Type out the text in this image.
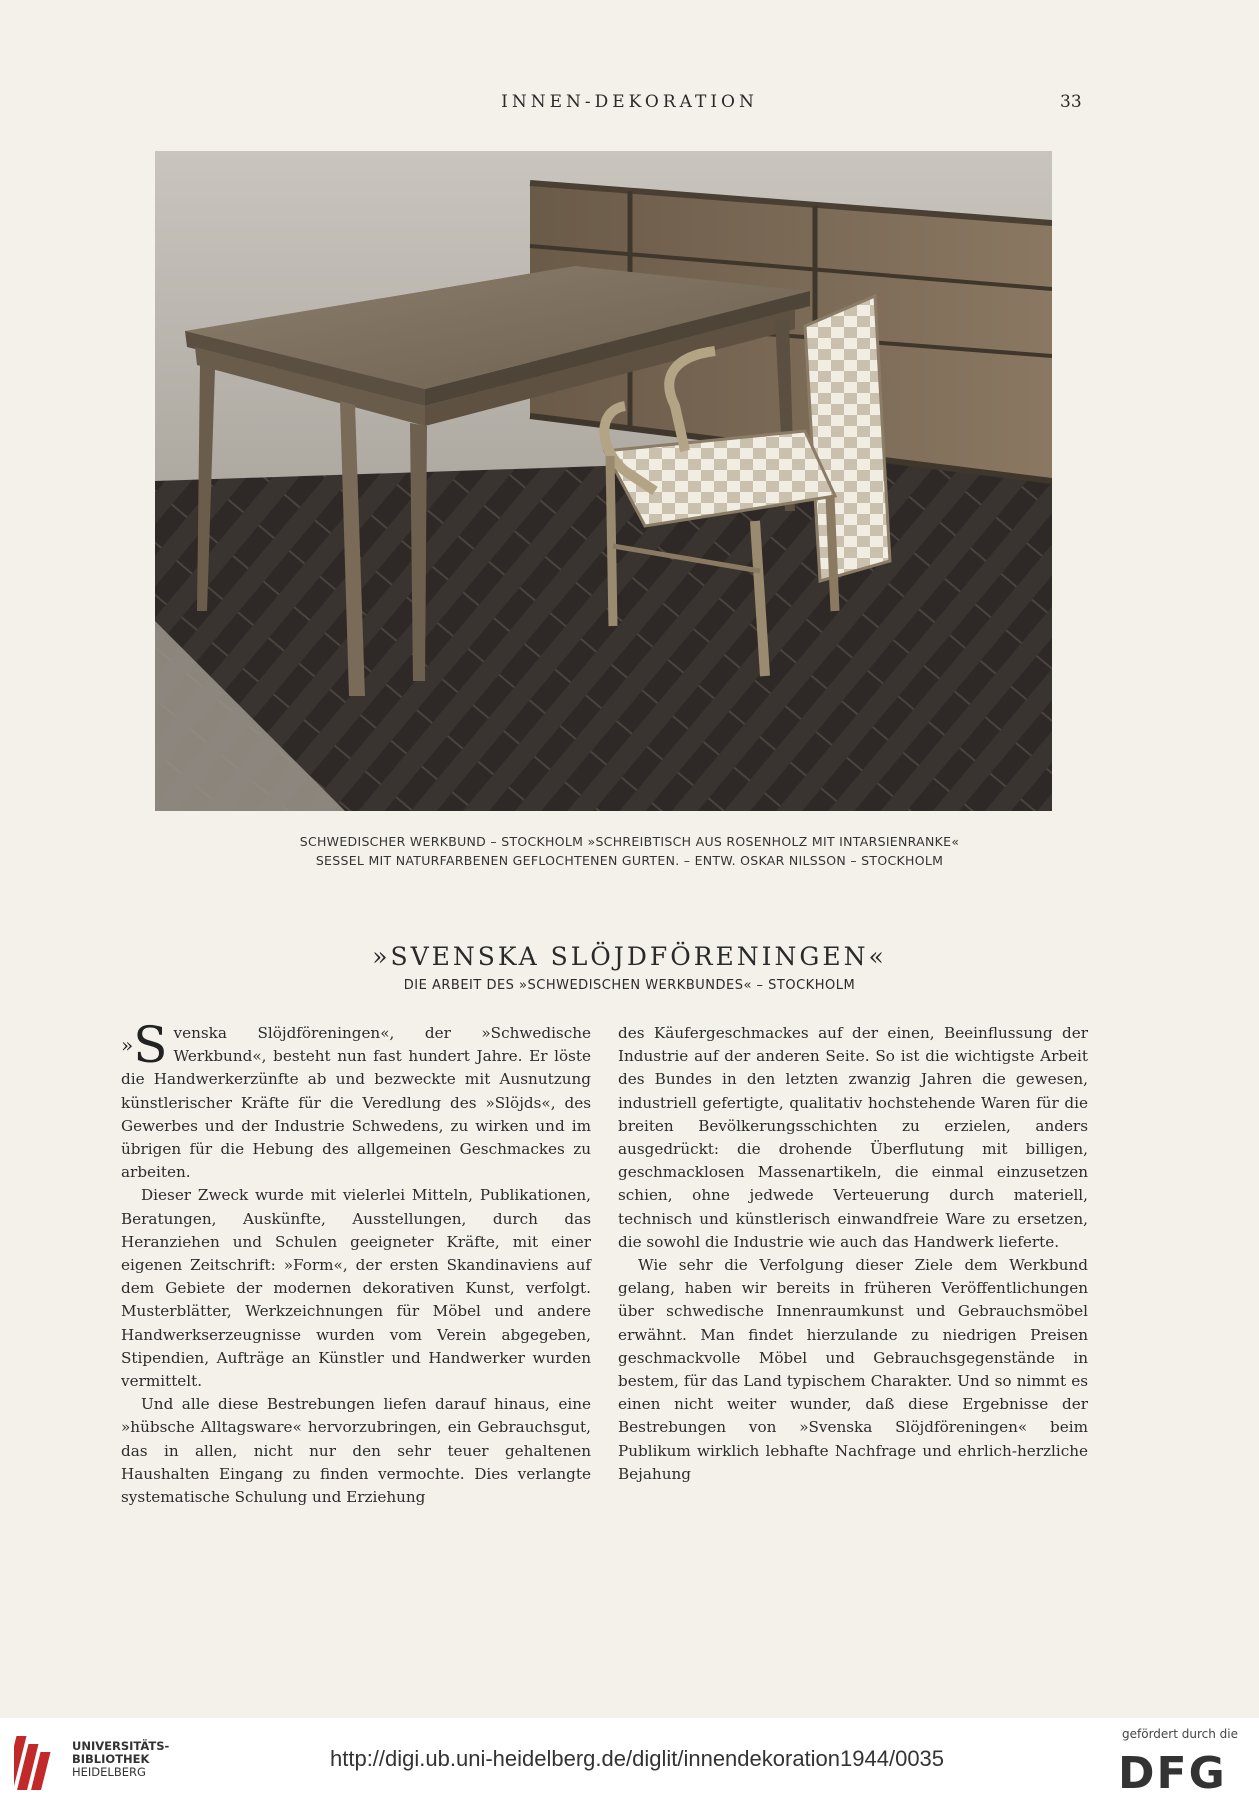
INNEN-DEKORATION	33
SCHWEDISCHER WERKBUND – STOCKHOLM »SCHREIBTISCH AUS ROSENHOLZ MIT INTARSIENRANKE«
SESSEL MIT NATURFARBENEN GEFLOCHTENEN GURTEN. – ENTW. OSKAR NILSSON – STOCKHOLM
»SVENSKA SLÖJDFÖRENINGEN«
DIE ARBEIT DES »SCHWEDISCHEN WERKBUNDES« – STOCKHOLM

»S venska Slöjdföreningen«, der »Schwedische Werkbund«, besteht nun fast hundert Jahre. Er löste die Handwerkerzünfte ab und bezweckte mit Ausnutzung künstlerischer Kräfte für die Veredlung des »Slöjds«, des Gewerbes und der Industrie Schwedens, zu wirken und im übrigen für die Hebung des allgemeinen Geschmackes zu arbeiten.

Dieser Zweck wurde mit vielerlei Mitteln, Publikationen, Beratungen, Auskünfte, Ausstellungen, durch das Heranziehen und Schulen geeigneter Kräfte, mit einer eigenen Zeitschrift: »Form«, der ersten Skandinaviens auf dem Gebiete der modernen dekorativen Kunst, verfolgt. Musterblätter, Werkzeichnungen für Möbel und andere Handwerkserzeugnisse wurden vom Verein abgegeben, Stipendien, Aufträge an Künstler und Handwerker wurden vermittelt.

Und alle diese Bestrebungen liefen darauf hinaus, eine »hübsche Alltagsware« hervorzubringen, ein Gebrauchsgut, das in allen, nicht nur den sehr teuer gehaltenen Haushalten Eingang zu finden vermochte. Dies verlangte systematische Schulung und Erziehung

des Käufergeschmackes auf der einen, Beeinflussung der Industrie auf der anderen Seite. So ist die wichtigste Arbeit des Bundes in den letzten zwanzig Jahren die gewesen, industriell gefertigte, qualitativ hochstehende Waren für die breiten Bevölkerungsschichten zu erzielen, anders ausgedrückt: die drohende Überflutung mit billigen, geschmacklosen Massenartikeln, die einmal einzusetzen schien, ohne jedwede Verteuerung durch materiell, technisch und künstlerisch einwandfreie Ware zu ersetzen, die sowohl die Industrie wie auch das Handwerk lieferte.

Wie sehr die Verfolgung dieser Ziele dem Werkbund gelang, haben wir bereits in früheren Veröffentlichungen über schwedische Innenraumkunst und Gebrauchsmöbel erwähnt. Man findet hierzulande zu niedrigen Preisen geschmackvolle Möbel und Gebrauchsgegenstände in bestem, für das Land typischem Charakter. Und so nimmt es einen nicht weiter wunder, daß diese Ergebnisse der Bestrebungen von »Svenska Slöjdföreningen« beim Publikum wirklich lebhafte Nachfrage und ehrlich-herzliche Bejahung

UNIVERSITÄTS-
BIBLIOTHEK
HEIDELBERG
http://digi.ub.uni-heidelberg.de/diglit/innendekoration1944/0035
gefördert durch die
DFG
